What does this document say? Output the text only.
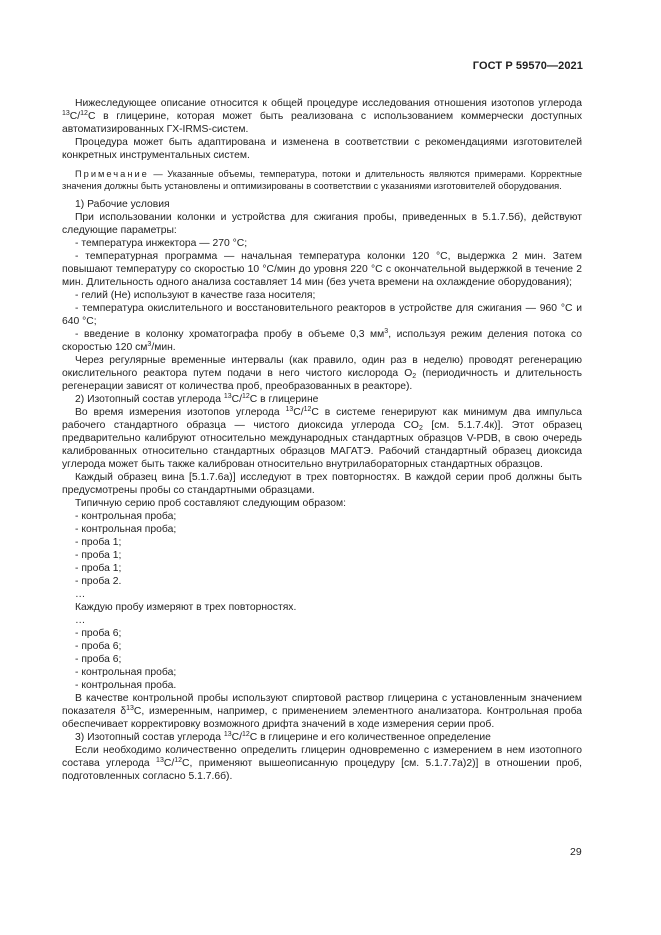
ГОСТ Р 59570—2021

Нижеследующее описание относится к общей процедуре исследования отношения изотопов углерода $^{13}$C/$^{12}$C в глицерине, которая может быть реализована с использованием коммерчески доступных автоматизированных ГХ-IRMS-систем.

Процедура может быть адаптирована и изменена в соответствии с рекомендациями изготовителей конкретных инструментальных систем.

Примечание — Указанные объемы, температура, потоки и длительность являются примерами. Корректные значения должны быть установлены и оптимизированы в соответствии с указаниями изготовителей оборудования.

1) Рабочие условия

При использовании колонки и устройства для сжигания пробы, приведенных в 5.1.7.5б), действуют следующие параметры:

- температура инжектора — 270 °С;

- температурная программа — начальная температура колонки 120 °С, выдержка 2 мин. Затем повышают температуру со скоростью 10 °С/мин до уровня 220 °С с окончательной выдержкой в течение 2 мин. Длительность одного анализа составляет 14 мин (без учета времени на охлаждение оборудования);

- гелий (Не) используют в качестве газа носителя;

- температура окислительного и восстановительного реакторов в устройстве для сжигания — 960 °С и 640 °С;

- введение в колонку хроматографа пробу в объеме 0,3 $мм^3$, используя режим деления потока со скоростью 120 $см^3$/мин.

Через регулярные временные интервалы (как правило, один раз в неделю) проводят регенерацию окислительного реактора путем подачи в него чистого кислорода $O_2$ (периодичность и длительность регенерации зависят от количества проб, преобразованных в реакторе).

2) Изотопный состав углерода $^{13}$C/$^{12}$C в глицерине

Во время измерения изотопов углерода $^{13}$C/$^{12}$C в системе генерируют как минимум два импульса рабочего стандартного образца — чистого диоксида углерода $CO_2$ [см. 5.1.7.4к)]. Этот образец предварительно калибруют относительно международных стандартных образцов V-PDB, в свою очередь калиброванных относительно стандартных образцов МАГАТЭ. Рабочий стандартный образец диоксида углерода может быть также калиброван относительно внутрилабораторных стандартных образцов.

Каждый образец вина [5.1.7.6а)] исследуют в трех повторностях. В каждой серии проб должны быть предусмотрены пробы со стандартными образцами.

Типичную серию проб составляют следующим образом:

- контрольная проба;

- контрольная проба;

- проба 1;

- проба 1;

- проба 1;

- проба 2.

…

Каждую пробу измеряют в трех повторностях.

…

- проба 6;

- проба 6;

- проба 6;

- контрольная проба;

- контрольная проба.

В качестве контрольной пробы используют спиртовой раствор глицерина с установленным значением показателя $\delta^{13}C$, измеренным, например, с применением элементного анализатора. Контрольная проба обеспечивает корректировку возможного дрифта значений в ходе измерения серии проб.

3) Изотопный состав углерода $^{13}$C/$^{12}$C в глицерине и его количественное определение

Если необходимо количественно определить глицерин одновременно с измерением в нем изотопного состава углерода $^{13}$C/$^{12}$C, применяют вышеописанную процедуру [см. 5.1.7.7а)2)] в отношении проб, подготовленных согласно 5.1.7.6б).

29
